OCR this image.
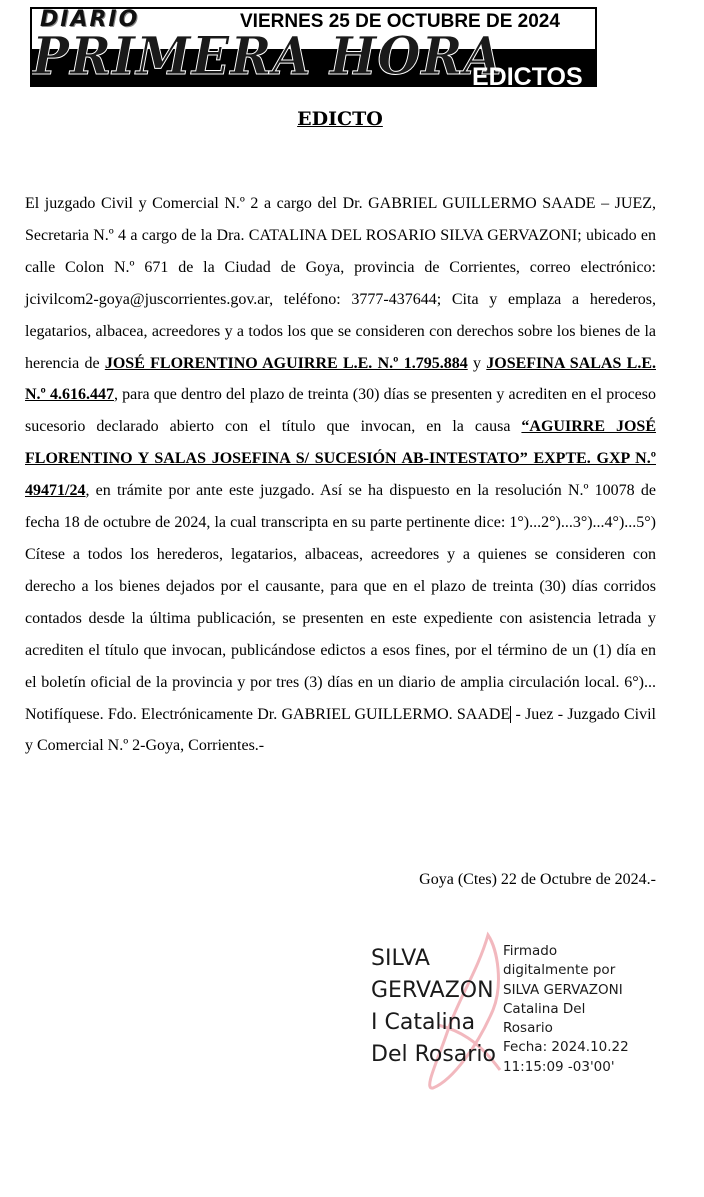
DIARIO	VIERNES 25 DE OCTUBRE DE 2024
PRIMERA HORA
EDICTOS
EDICTO

El juzgado Civil y Comercial N.º 2 a cargo del Dr. GABRIEL GUILLERMO SAADE – JUEZ, Secretaria N.º 4 a cargo de la Dra. CATALINA DEL ROSARIO SILVA GERVAZONI; ubicado en calle Colon N.º 671 de la Ciudad de Goya, provincia de Corrientes, correo electrónico: jcivilcom2-goya@juscorrientes.gov.ar, teléfono: 3777-437644; Cita y emplaza a herederos, legatarios, albacea, acreedores y a todos los que se consideren con derechos sobre los bienes de la herencia de JOSÉ FLORENTINO AGUIRRE L.E. N.º 1.795.884 y JOSEFINA SALAS L.E. N.º 4.616.447, para que dentro del plazo de treinta (30) días se presenten y acrediten en el proceso sucesorio declarado abierto con el título que invocan, en la causa “AGUIRRE JOSÉ FLORENTINO Y SALAS JOSEFINA S/ SUCESIÓN AB-INTESTATO” EXPTE. GXP N.º 49471/24, en trámite por ante este juzgado. Así se ha dispuesto en la resolución N.º 10078 de fecha 18 de octubre de 2024, la cual transcripta en su parte pertinente dice: 1°)...2°)...3°)...4°)...5°) Cítese a todos los herederos, legatarios, albaceas, acreedores y a quienes se consideren con derecho a los bienes dejados por el causante, para que en el plazo de treinta (30) días corridos contados desde la última publicación, se presenten en este expediente con asistencia letrada y acrediten el título que invocan, publicándose edictos a esos fines, por el término de un (1) día en el boletín oficial de la provincia y por tres (3) días en un diario de amplia circulación local. 6°)... Notifíquese. Fdo. Electrónicamente Dr. GABRIEL GUILLERMO. SAADE - Juez - Juzgado Civil y Comercial N.º 2-Goya, Corrientes.-

Goya (Ctes) 22 de Octubre de 2024.-
SILVA
GERVAZON
I Catalina
Del Rosario
Firmado
digitalmente por
SILVA GERVAZONI
Catalina Del
Rosario
Fecha: 2024.10.22
11:15:09 -03'00'
